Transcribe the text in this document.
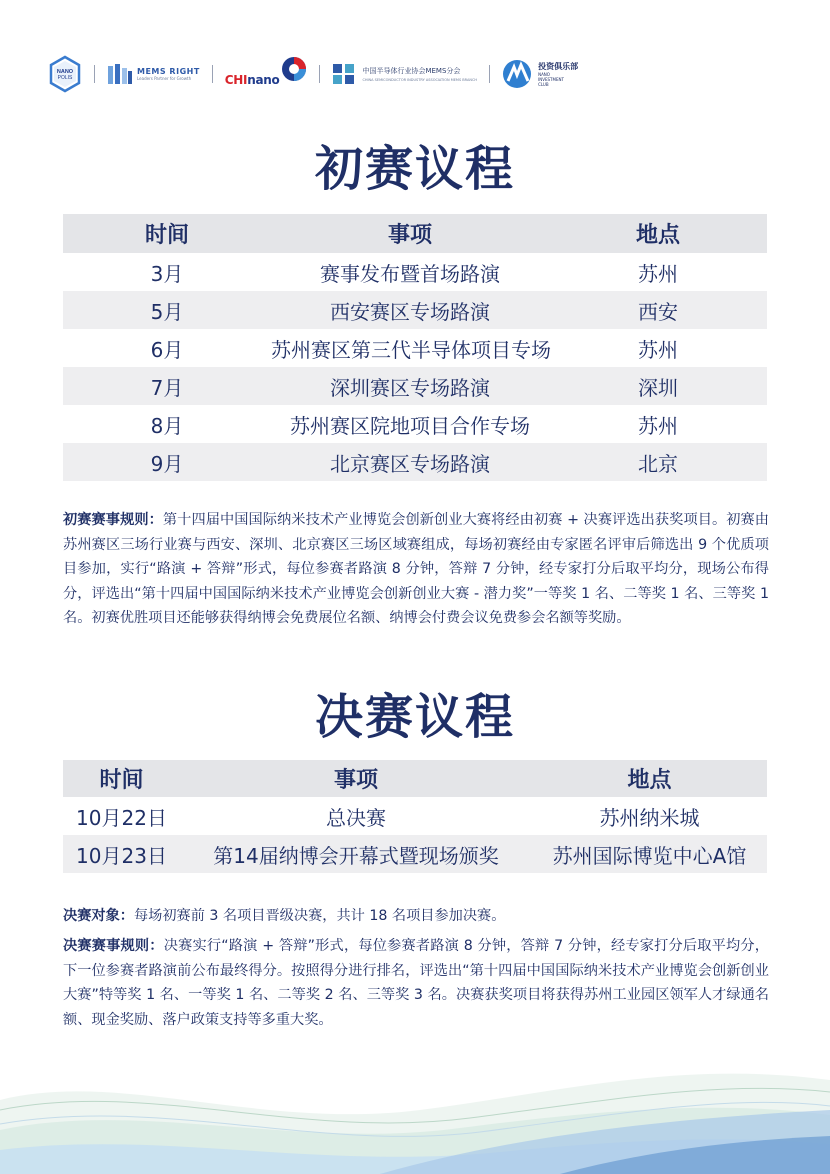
NANO
POLIS
MEMS RIGHT
Leaders Partner for Growth	CHInano
中国半导体行业协会MEMS分会
CHINA SEMICONDUCTOR INDUSTRY ASSOCIATION MEMS BRANCH
投资俱乐部
NANO
INVESTMENT
CLUB
初赛议程
时间	事项	地点
3月	赛事发布暨首场路演	苏州
5月	西安赛区专场路演	西安
6月	苏州赛区第三代半导体项目专场	苏州
7月	深圳赛区专场路演	深圳
8月	苏州赛区院地项目合作专场	苏州
9月	北京赛区专场路演	北京
初赛赛事规则：第十四届中国国际纳米技术产业博览会创新创业大赛将经由初赛 + 决赛评选出获奖项目。初赛由苏州赛区三场行业赛与西安、深圳、北京赛区三场区域赛组成，每场初赛经由专家匿名评审后筛选出 9 个优质项目参加，实行“路演 + 答辩”形式，每位参赛者路演 8 分钟，答辩 7 分钟，经专家打分后取平均分，现场公布得分，评选出“第十四届中国国际纳米技术产业博览会创新创业大赛 - 潜力奖”一等奖 1 名、二等奖 1 名、三等奖 1 名。初赛优胜项目还能够获得纳博会免费展位名额、纳博会付费会议免费参会名额等奖励。
决赛议程
时间	事项	地点
10月22日	总决赛	苏州纳米城
10月23日	第14届纳博会开幕式暨现场颁奖	苏州国际博览中心A馆
决赛对象：每场初赛前 3 名项目晋级决赛，共计 18 名项目参加决赛。
决赛赛事规则：决赛实行“路演 + 答辩”形式，每位参赛者路演 8 分钟，答辩 7 分钟，经专家打分后取平均分，下一位参赛者路演前公布最终得分。按照得分进行排名，评选出“第十四届中国国际纳米技术产业博览会创新创业大赛”特等奖 1 名、一等奖 1 名、二等奖 2 名、三等奖 3 名。决赛获奖项目将获得苏州工业园区领军人才绿通名额、现金奖励、落户政策支持等多重大奖。
